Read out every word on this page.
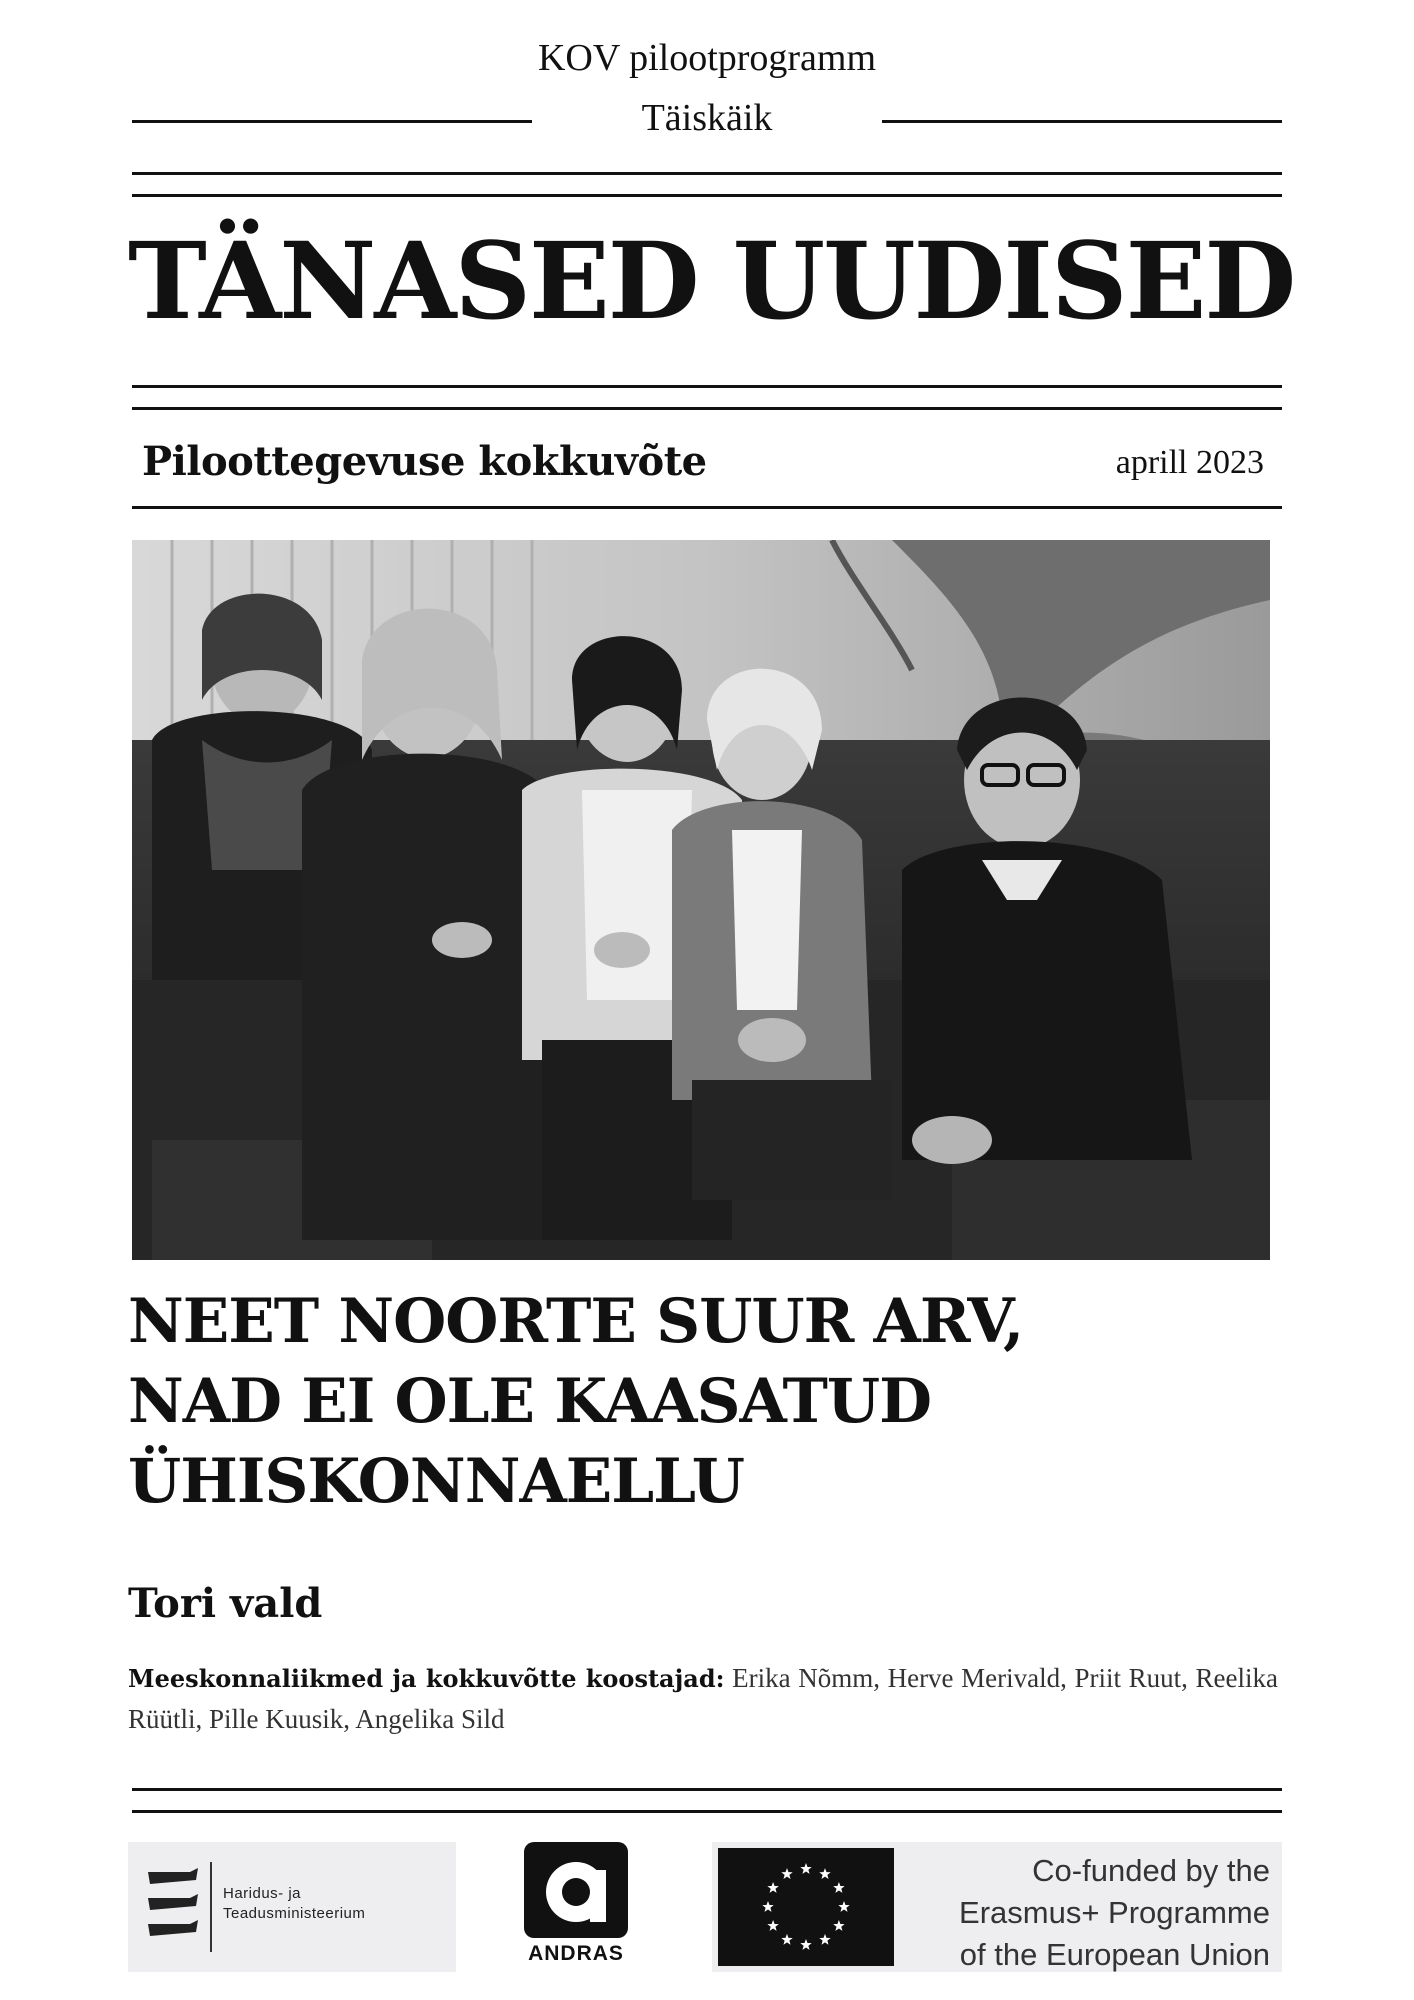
KOV pilootprogramm
Täiskäik
TÄNASED UUDISED
Piloottegevuse kokkuvõte	aprill 2023
NEET NOORTE SUUR ARV,
NAD EI OLE KAASATUD
ÜHISKONNAELLU
Tori vald
Meeskonnaliikmed ja kokkuvõtte koostajad: Erika Nõmm, Herve Merivald, Priit Ruut, Reelika Rüütli, Pille Kuusik, Angelika Sild
Haridus- ja
Teadusministeerium
ANDRAS
Co-funded by the
Erasmus+ Programme
of the European Union
